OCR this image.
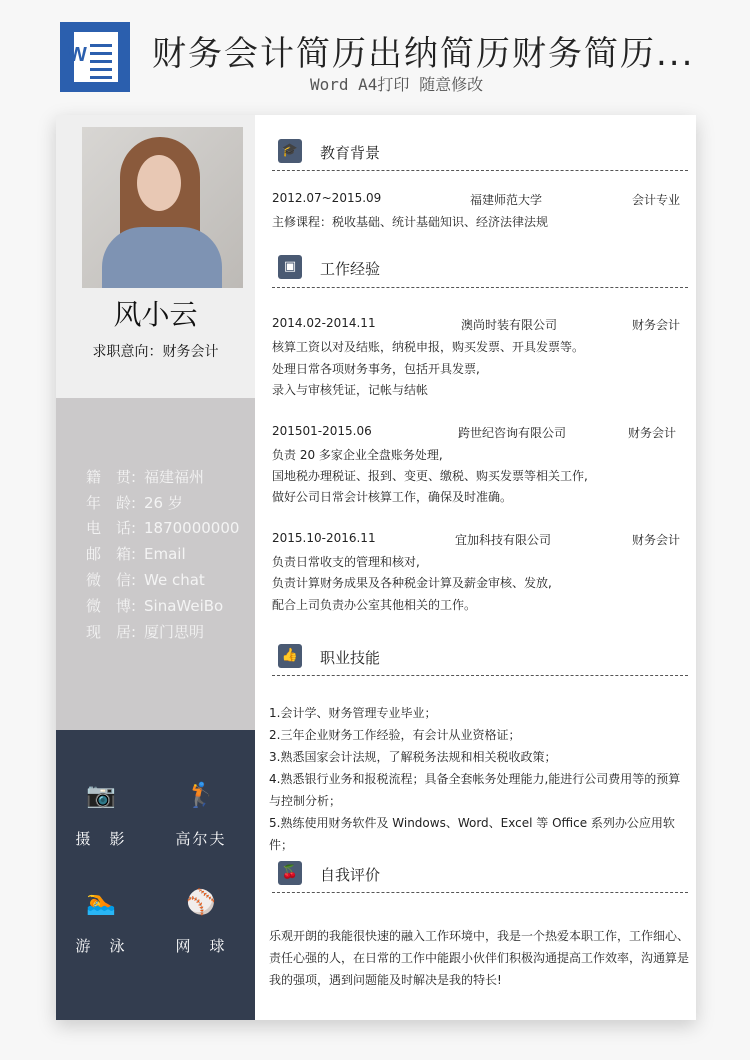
W 财务会计简历出纳简历财务简历...
Word A4打印 随意修改
风小云
求职意向：财务会计
籍　贯: 福建福州
年　龄: 26 岁
电　话: 1870000000
邮　箱: Email
微　信: We chat
微　博: SinaWeiBo
现　居: 厦门思明
📷
摄　影
🏌
高尔夫
🏊
游　泳
⚾
网　球
🎓 教育背景
2012.07~2015.09	福建师范大学	会计专业
主修课程：税收基础、统计基础知识、经济法律法规
▣	工作经验
2014.02-2014.11	澳尚时装有限公司	财务会计
核算工资以对及结账，纳税申报，购买发票、开具发票等。
处理日常各项财务事务，包括开具发票,
录入与审核凭证，记帐与结帐
201501-2015.06	跨世纪咨询有限公司	财务会计
负责 20 多家企业全盘账务处理,
国地税办理税证、报到、变更、缴税、购买发票等相关工作,
做好公司日常会计核算工作，确保及时准确。
2015.10-2016.11	宜加科技有限公司	财务会计
负责日常收支的管理和核对,
负责计算财务成果及各种税金计算及薪金审核、发放,
配合上司负责办公室其他相关的工作。
👍 职业技能
1.会计学、财务管理专业毕业；
2.三年企业财务工作经验，有会计从业资格证；
3.熟悉国家会计法规，了解税务法规和相关税收政策；
4.熟悉银行业务和报税流程；具备全套帐务处理能力,能进行公司费用等的预算与控制分析；
5.熟练使用财务软件及 Windows、Word、Excel 等 Office 系列办公应用软件；
🍒 自我评价
乐观开朗的我能很快速的融入工作环境中，我是一个热爱本职工作，工作细心、责任心强的人，在日常的工作中能跟小伙伴们积极沟通提高工作效率，沟通算是我的强项，遇到问题能及时解决是我的特长!
